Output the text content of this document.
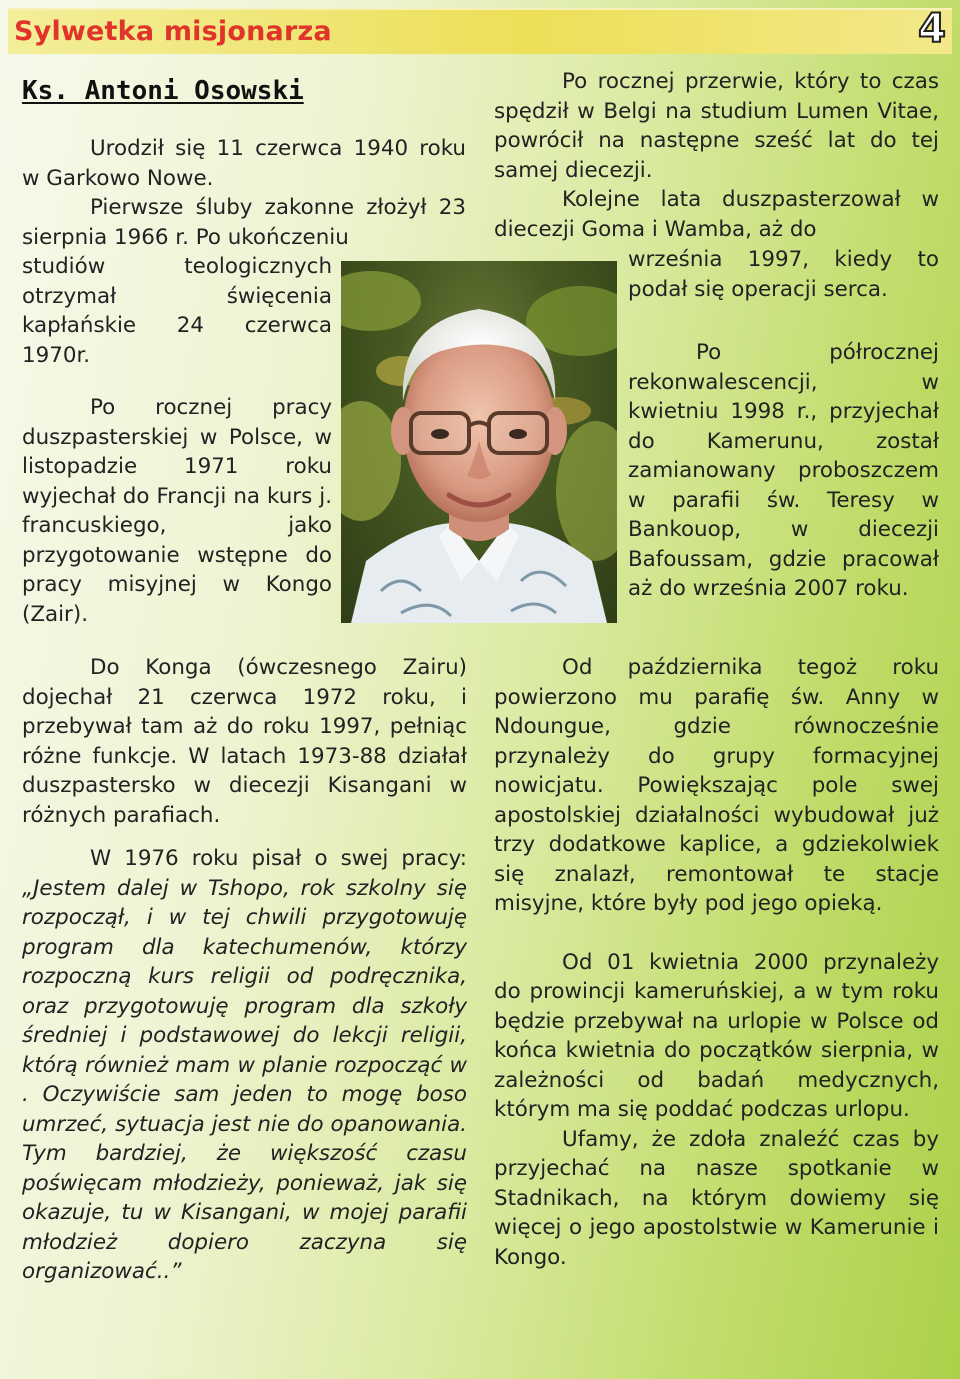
Sylwetka misjonarza	4
Ks. Antoni Osowski

Urodził się 11 czerwca 1940 roku w Garkowo Nowe.

Pierwsze śluby zakonne złożył 23 sierpnia 1966 r. Po ukończeniu

studiów teologicznych otrzymał święcenia kapłańskie 24 czerwca 1970r.

Po rocznej pracy duszpasterskiej w Polsce, w listopadzie 1971 roku wyjechał do Francji na kurs j. francuskiego, jako przygotowanie wstępne do pracy misyjnej w Kongo (Zair).

Do Konga (ówczesnego Zairu) dojechał 21 czerwca 1972 roku, i przebywał tam aż do roku 1997, pełniąc różne funkcje. W latach 1973-88 działał duszpastersko w diecezji Kisangani w różnych parafiach.

W 1976 roku pisał o swej pracy: „Jestem dalej w Tshopo, rok szkolny się rozpoczął, i w tej chwili przygotowuję program dla katechumenów, którzy rozpoczną kurs religii od podręcznika, oraz przygotowuję program dla szkoły średniej i podstawowej do lekcji religii, którą również mam w planie rozpocząć w . Oczywiście sam jeden to mogę boso umrzeć, sytuacja jest nie do opanowania. Tym bardziej, że większość czasu poświęcam młodzieży, ponieważ, jak się okazuje, tu w Kisangani, w mojej parafii młodzież dopiero zaczyna się organizować..”

Po rocznej przerwie, który to czas spędził w Belgi na studium Lumen Vitae, powrócił na następne sześć lat do tej samej diecezji.

Kolejne lata duszpasterzował w diecezji Goma i Wamba, aż do

września 1997, kiedy to podał się operacji serca.

Po półrocznej rekonwalescencji, w kwietniu 1998 r., przyjechał do Kamerunu, został zamianowany proboszczem w parafii św. Teresy w Bankouop, w diecezji Bafoussam, gdzie pracował aż do września 2007 roku.

Od października tegoż roku powierzono mu parafię św. Anny w Ndoungue, gdzie równocześnie przynależy do grupy formacyjnej nowicjatu. Powiększając pole swej apostolskiej działalności wybudował już trzy dodatkowe kaplice, a gdziekolwiek się znalazł, remontował te stacje misyjne, które były pod jego opieką.

Od 01 kwietnia 2000 przynależy do prowincji kameruńskiej, a w tym roku będzie przebywał na urlopie w Polsce od końca kwietnia do początków sierpnia, w zależności od badań medycznych, którym ma się poddać podczas urlopu.

Ufamy, że zdoła znaleźć czas by przyjechać na nasze spotkanie w Stadnikach, na którym dowiemy się więcej o jego apostolstwie w Kamerunie i Kongo.
